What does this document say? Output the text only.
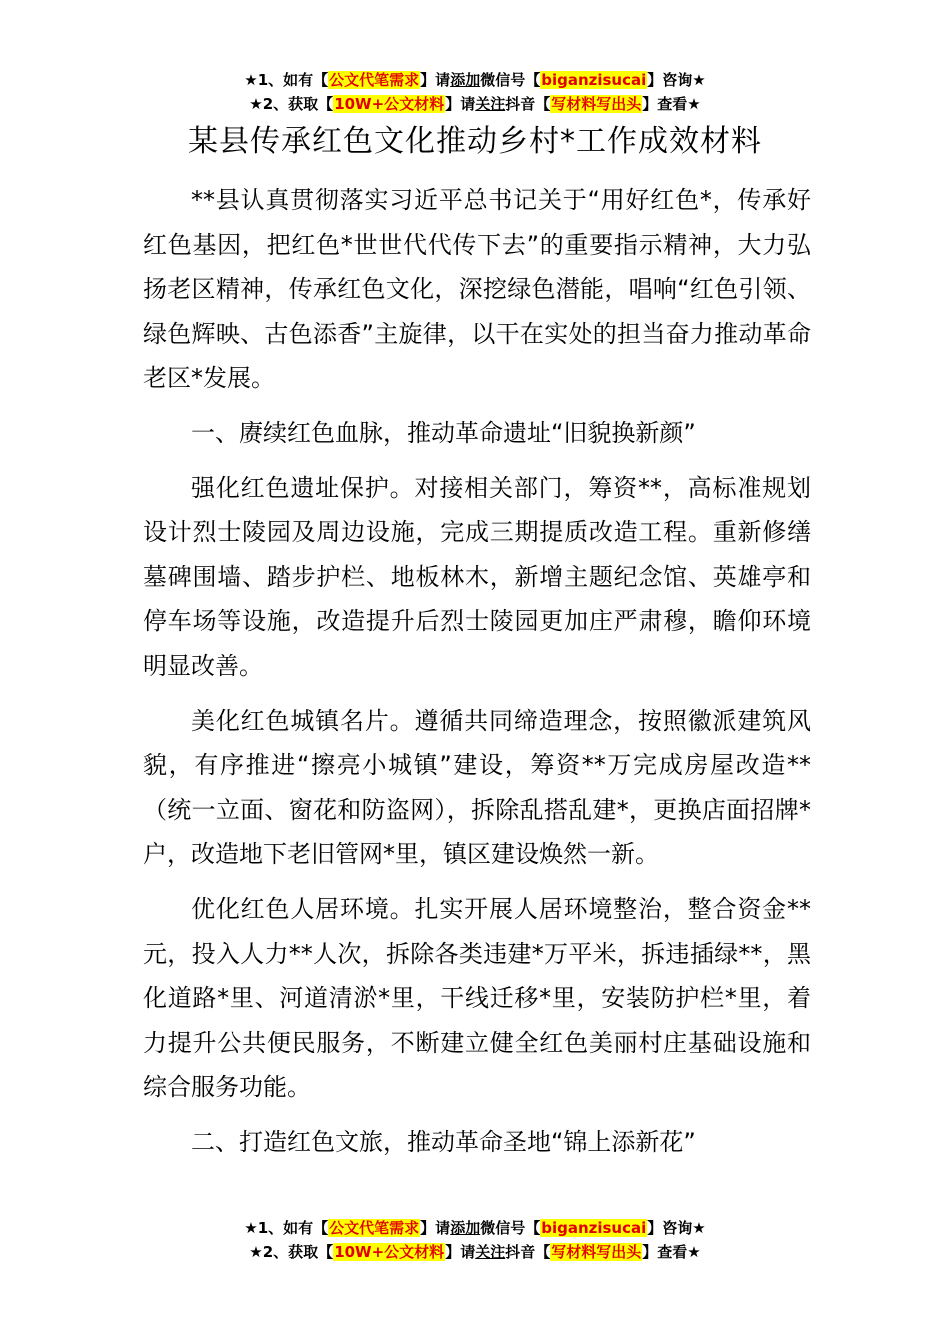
★1、如有【公文代笔需求】请添加微信号【biganzisucai】咨询★
★2、获取【10W+公文材料】请关注抖音【写材料写出头】查看★
某县传承红色文化推动乡村*工作成效材料

**县认真贯彻落实习近平总书记关于“用好红色*，传承好红色基因，把红色*世世代代传下去”的重要指示精神，大力弘扬老区精神，传承红色文化，深挖绿色潜能，唱响“红色引领、绿色辉映、古色添香”主旋律，以干在实处的担当奋力推动革命老区*发展。

一、赓续红色血脉，推动革命遗址“旧貌换新颜”

强化红色遗址保护。对接相关部门，筹资**，高标准规划设计烈士陵园及周边设施，完成三期提质改造工程。重新修缮墓碑围墙、踏步护栏、地板林木，新增主题纪念馆、英雄亭和停车场等设施，改造提升后烈士陵园更加庄严肃穆，瞻仰环境明显改善。

美化红色城镇名片。遵循共同缔造理念，按照徽派建筑风貌，有序推进“擦亮小城镇”建设，筹资**万完成房屋改造**（统一立面、窗花和防盗网），拆除乱搭乱建*，更换店面招牌*户，改造地下老旧管网*里，镇区建设焕然一新。

优化红色人居环境。扎实开展人居环境整治，整合资金**元，投入人力**人次，拆除各类违建*万平米，拆违插绿**，黑化道路*里、河道清淤*里，干线迁移*里，安装防护栏*里，着力提升公共便民服务，不断建立健全红色美丽村庄基础设施和综合服务功能。

二、打造红色文旅，推动革命圣地“锦上添新花”

★1、如有【公文代笔需求】请添加微信号【biganzisucai】咨询★
★2、获取【10W+公文材料】请关注抖音【写材料写出头】查看★
